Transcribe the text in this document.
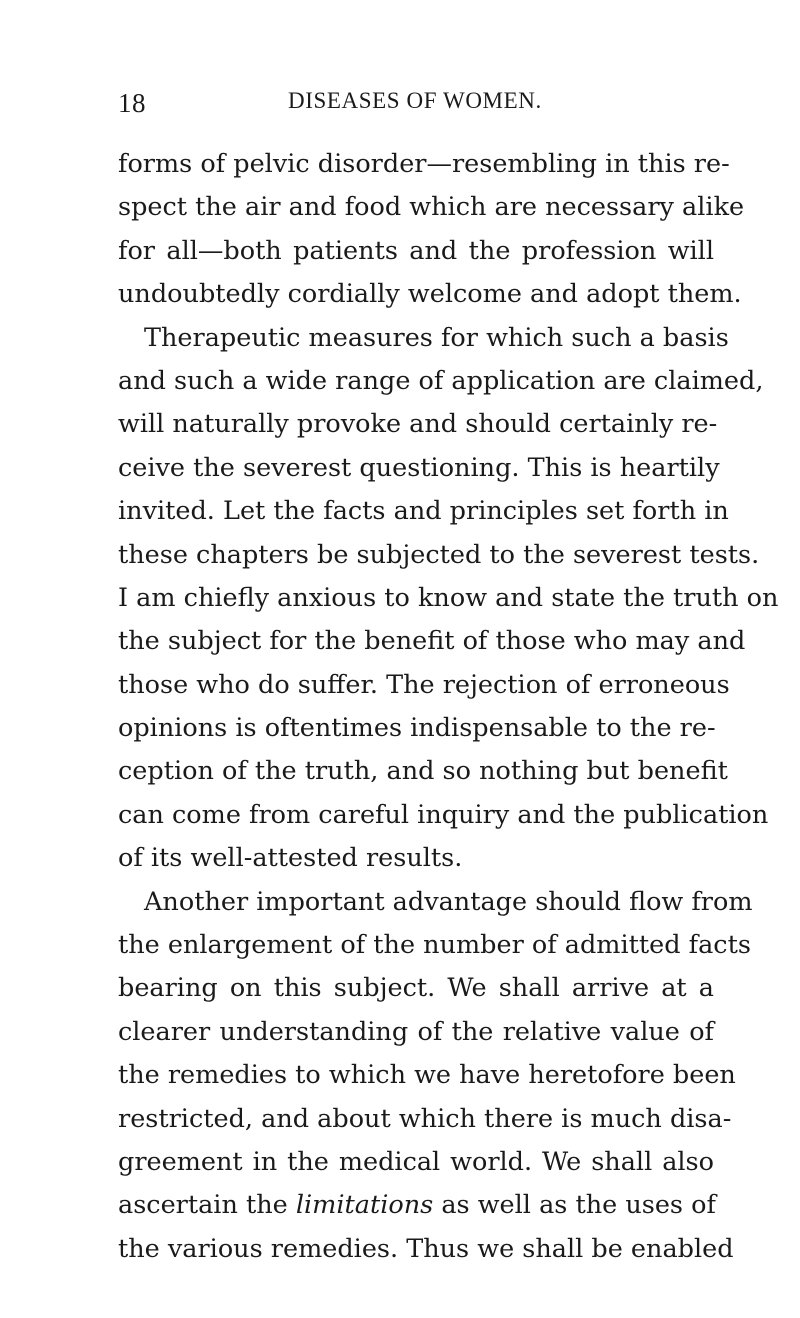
18	DISEASES OF WOMEN.
forms of pelvic disorder—resembling in this re-
spect the air and food which are necessary alike
for all—both patients and the profession will
undoubtedly cordially welcome and adopt them.
Therapeutic measures for which such a basis
and such a wide range of application are claimed,
will naturally provoke and should certainly re-
ceive the severest questioning. This is heartily
invited. Let the facts and principles set forth in
these chapters be subjected to the severest tests.
I am chiefly anxious to know and state the truth on
the subject for the benefit of those who may and
those who do suffer. The rejection of erroneous
opinions is oftentimes indispensable to the re-
ception of the truth, and so nothing but benefit
can come from careful inquiry and the publication
of its well-attested results.
Another important advantage should flow from
the enlargement of the number of admitted facts
bearing on this subject. We shall arrive at a
clearer understanding of the relative value of
the remedies to which we have heretofore been
restricted, and about which there is much disa-
greement in the medical world. We shall also
ascertain the limitations as well as the uses of
the various remedies. Thus we shall be enabled
